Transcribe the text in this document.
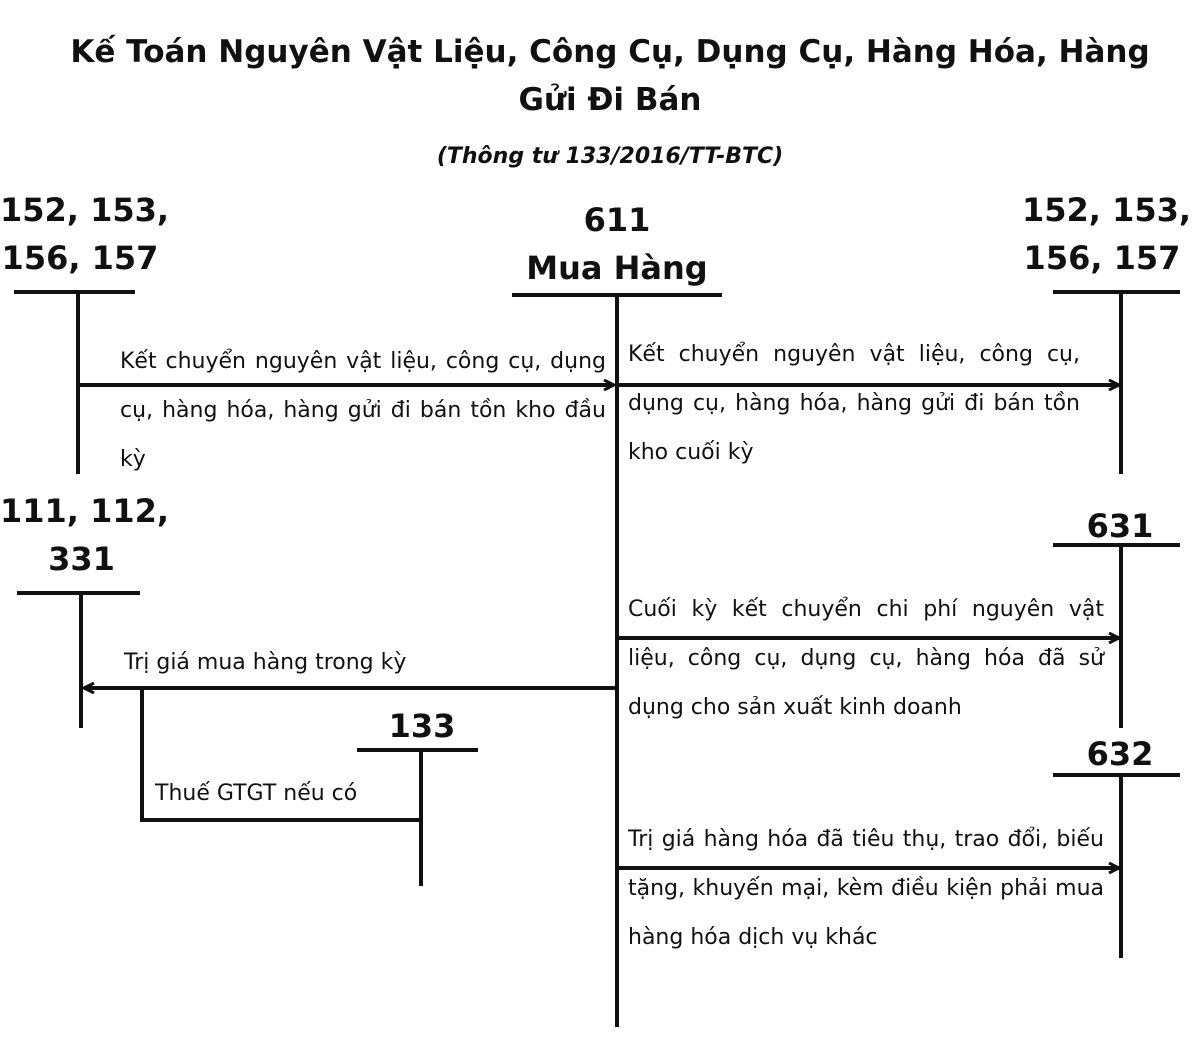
Kế Toán Nguyên Vật Liệu, Công Cụ, Dụng Cụ, Hàng Hóa, Hàng
Gửi Đi Bán
(Thông tư 133/2016/TT-BTC)
152, 153,
156, 157
611
Mua Hàng
152, 153,
156, 157
111, 112,
331
631
133
632
Kết chuyển nguyên vật liệu, công cụ, dụng cụ, hàng hóa, hàng gửi đi bán tồn kho đầu kỳ
Kết chuyển nguyên vật liệu, công cụ, dụng cụ, hàng hóa, hàng gửi đi bán tồn kho cuối kỳ
Cuối kỳ kết chuyển chi phí nguyên vật liệu, công cụ, dụng cụ, hàng hóa đã sử dụng cho sản xuất kinh doanh
Trị giá mua hàng trong kỳ
Thuế GTGT nếu có
Trị giá hàng hóa đã tiêu thụ, trao đổi, biếu tặng, khuyến mại, kèm điều kiện phải mua hàng hóa dịch vụ khác
